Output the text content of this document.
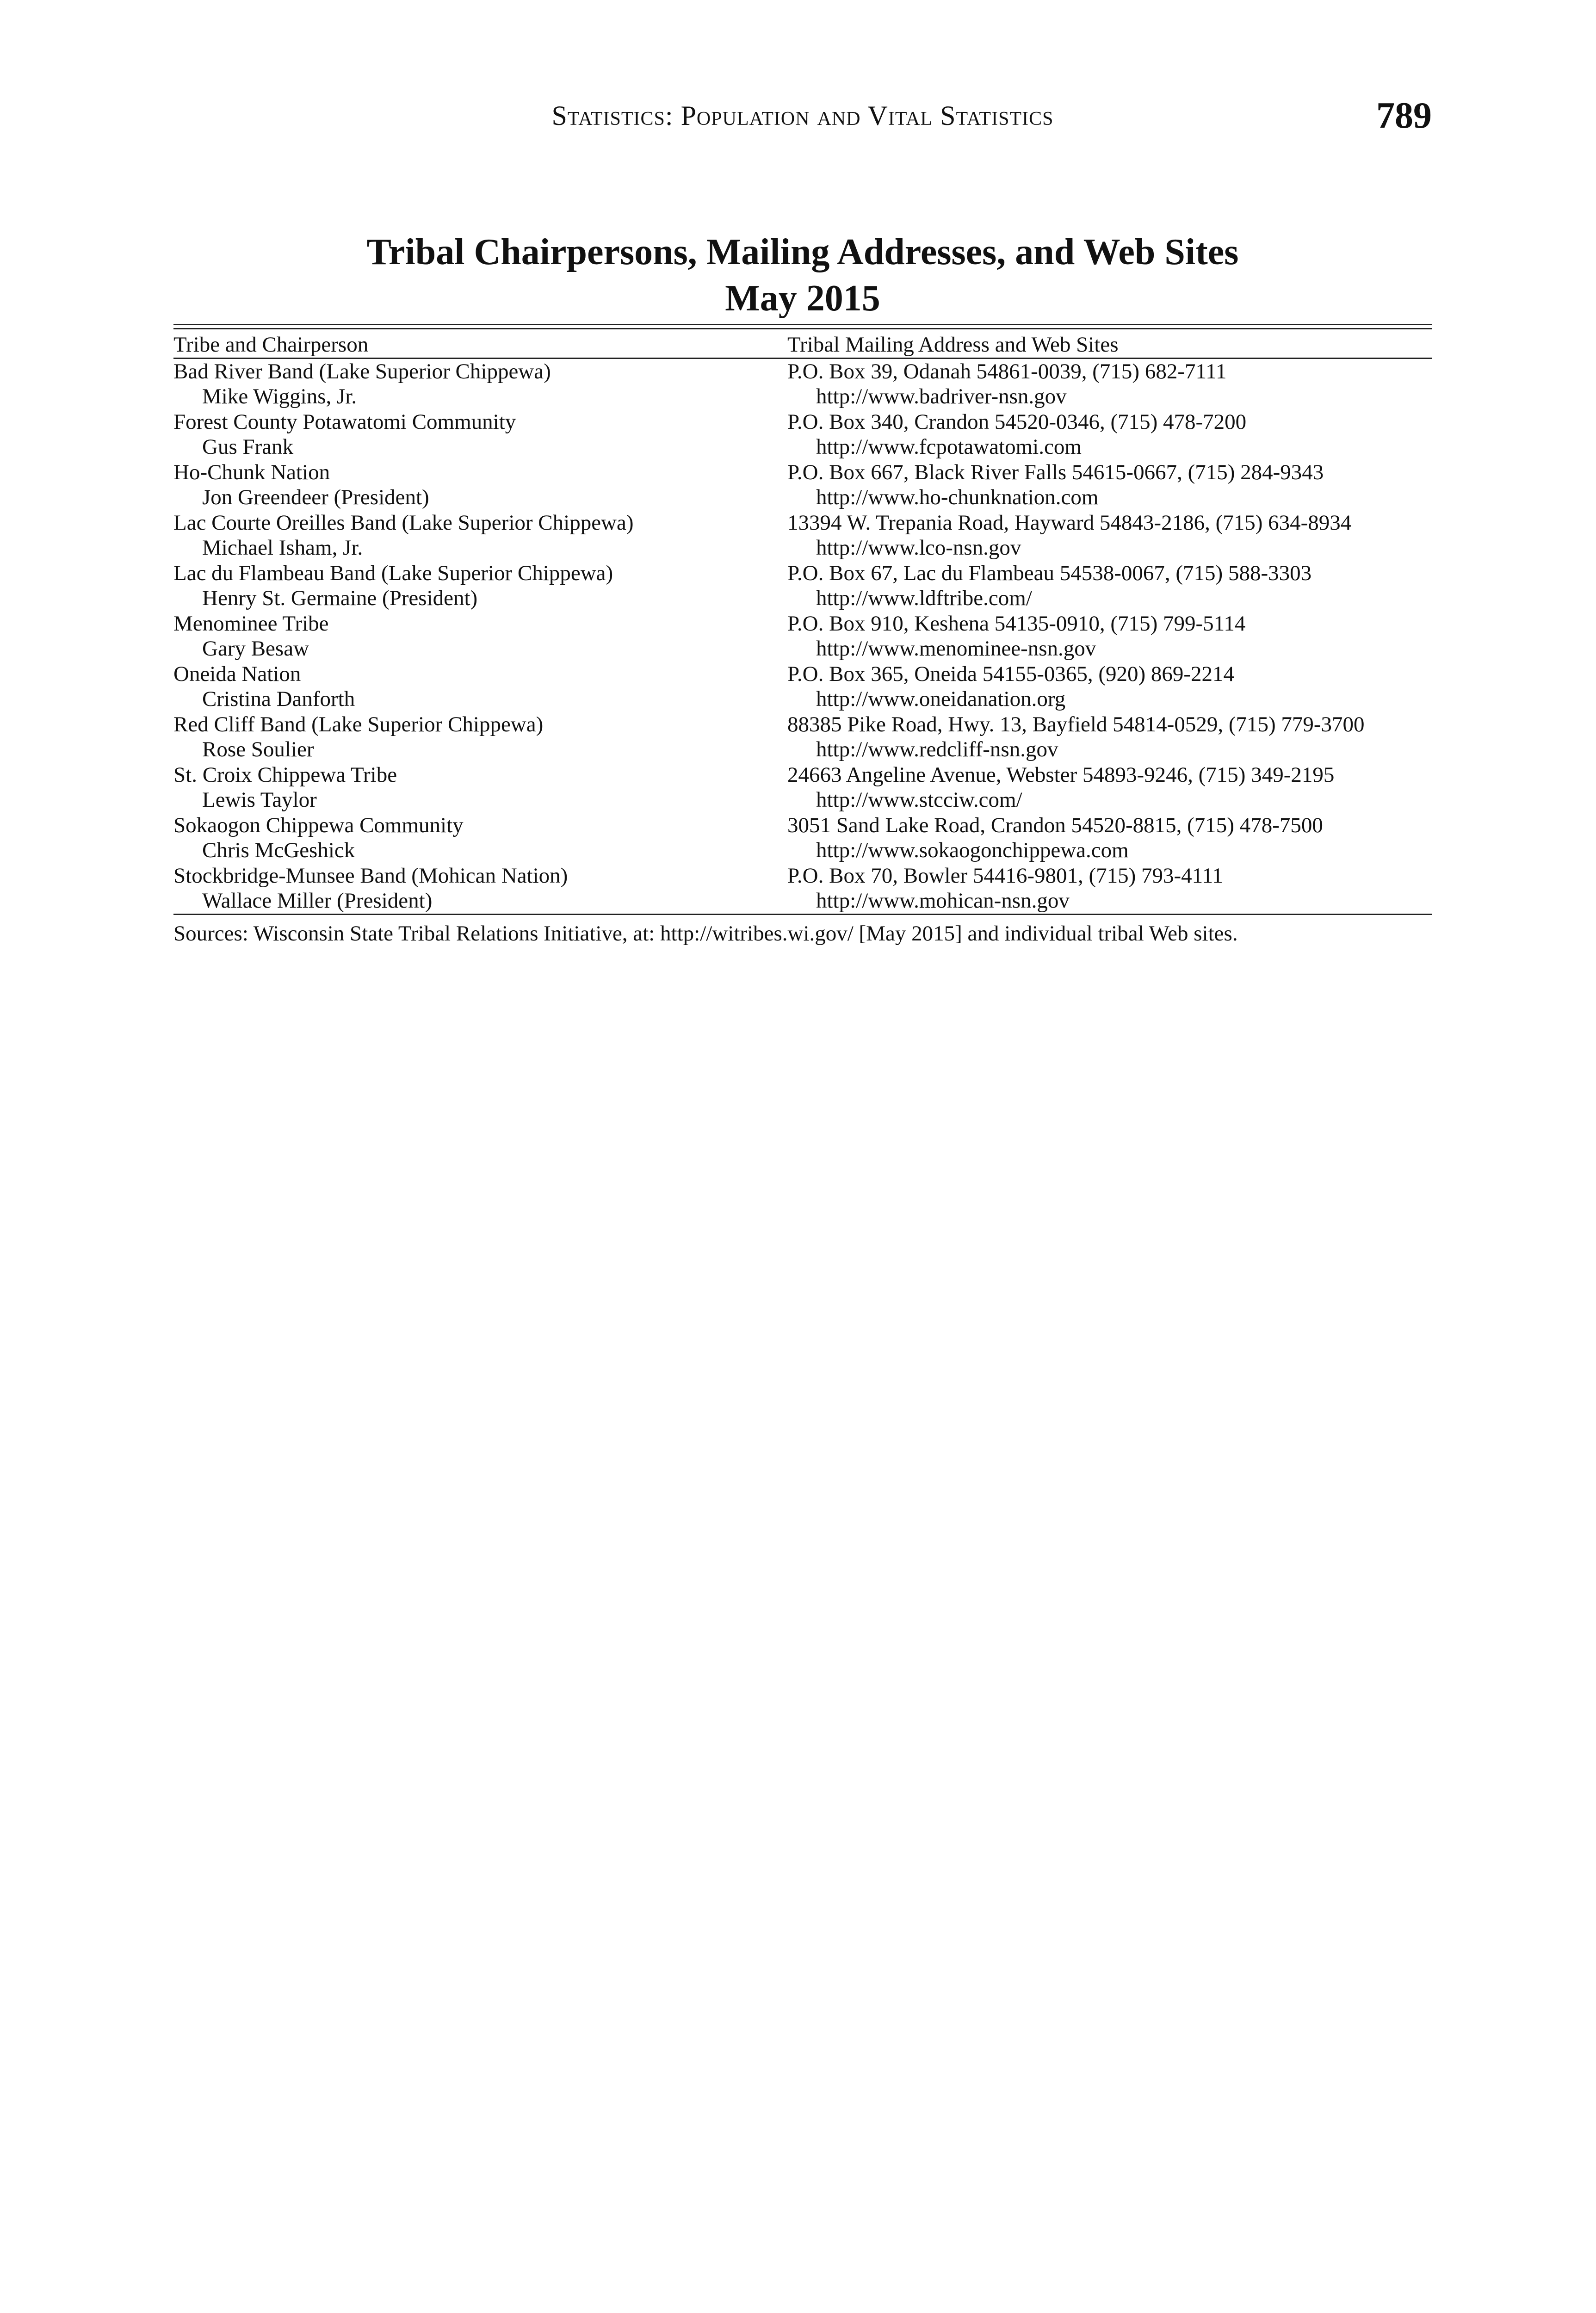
Statistics: Population and Vital Statistics	789
Tribal Chairpersons, Mailing Addresses, and Web Sites
May 2015
Tribe and Chairperson	Tribal Mailing Address and Web Sites
Bad River Band (Lake Superior Chippewa)	P.O. Box 39, Odanah 54861-0039, (715) 682-7111
Mike Wiggins, Jr.	http://www.badriver-nsn.gov
Forest County Potawatomi Community	P.O. Box 340, Crandon 54520-0346, (715) 478-7200
Gus Frank	http://www.fcpotawatomi.com
Ho-Chunk Nation	P.O. Box 667, Black River Falls 54615-0667, (715) 284-9343
Jon Greendeer (President)	http://www.ho-chunknation.com
Lac Courte Oreilles Band (Lake Superior Chippewa)	13394 W. Trepania Road, Hayward 54843-2186, (715) 634-8934
Michael Isham, Jr.	http://www.lco-nsn.gov
Lac du Flambeau Band (Lake Superior Chippewa)	P.O. Box 67, Lac du Flambeau 54538-0067, (715) 588-3303
Henry St. Germaine (President)	http://www.ldftribe.com/
Menominee Tribe	P.O. Box 910, Keshena 54135-0910, (715) 799-5114
Gary Besaw	http://www.menominee-nsn.gov
Oneida Nation	P.O. Box 365, Oneida 54155-0365, (920) 869-2214
Cristina Danforth	http://www.oneidanation.org
Red Cliff Band (Lake Superior Chippewa)	88385 Pike Road, Hwy. 13, Bayfield 54814-0529, (715) 779-3700
Rose Soulier	http://www.redcliff-nsn.gov
St. Croix Chippewa Tribe	24663 Angeline Avenue, Webster 54893-9246, (715) 349-2195
Lewis Taylor	http://www.stcciw.com/
Sokaogon Chippewa Community	3051 Sand Lake Road, Crandon 54520-8815, (715) 478-7500
Chris McGeshick	http://www.sokaogonchippewa.com
Stockbridge-Munsee Band (Mohican Nation)	P.O. Box 70, Bowler 54416-9801, (715) 793-4111
Wallace Miller (President)	http://www.mohican-nsn.gov
Sources: Wisconsin State Tribal Relations Initiative, at: http://witribes.wi.gov/ [May 2015] and individual tribal Web sites.
